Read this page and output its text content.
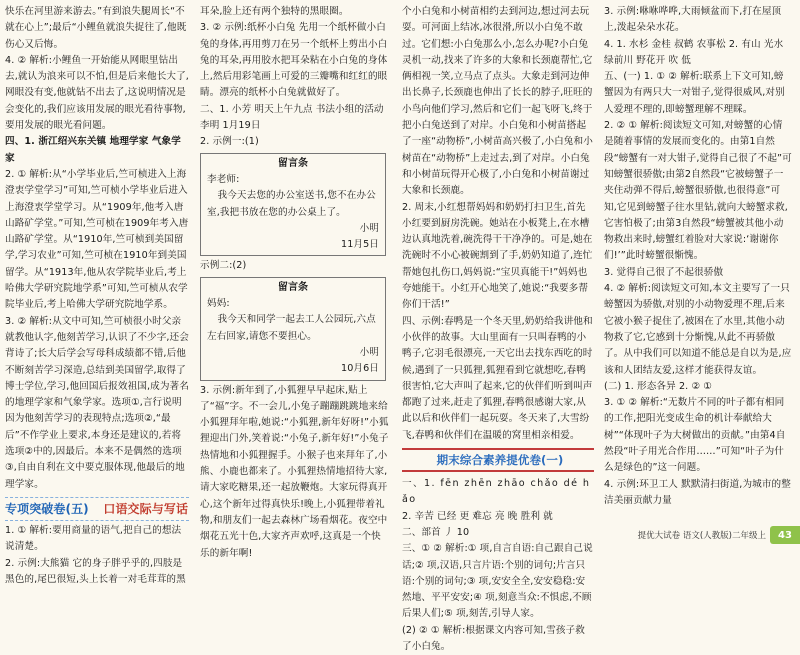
快乐在河里游来游去。”有到浪失腿周长“不就在心上”;最后“小鲤鱼就浪失捉往了,他既伤心又后悔。

4. ② 解析:小鲤鱼一开始能从网眼里钻出去,就认为浪来可以不怕,但是后来他长大了,网眼没有变,他就钻不出去了,这说明情况是会变化的,我们应该用发展的眼光看待事物,要用发展的眼光看问题。

四、1. 浙江绍兴东关镇 地理学家 气象学家

2. ① 解析:从“小学毕业后,竺可桢进入上海澄衷学堂学习”可知,竺可桢小学毕业后进入上海澄衷学堂学习。从“1909年,他考入唐山路矿学堂。”可知,竺可桢在1909年考入唐山路矿学堂。从“1910年,竺可桢到美国留学,学习农业”可知,竺可桢在1910年到美国留学。从“1913年,他从农学院毕业后,考上哈佛大学研究院地学系”可知,竺可桢从农学院毕业后,考上哈佛大学研究院地学系。

3. ② 解析:从文中可知,竺可桢很小时父亲就教他认字,他刻苦学习,认识了不少字,还会背诗了;长大后学会写母科成绩都不错,后他不断刻苦学习深造,总结到美国留学,取得了博士学位,学习,他回国后报效祖国,成为著名的地理学家和气象学家。选项①,言行说明因为他刻苦学习的表现特点;选项②,“最后”不作学业上要求,本身还是建议的,若将选项②中的,因最后。本来不是偶然的选项③,自由自利在文中要克服体现,他最后的地理学家。

专项突破卷(五) 口语交际与写话

1. ① 解析:要用商量的语气,把自己的想法说清楚。

2. 示例:大熊猫 它的身子胖乎乎的,四肢是黑色的,尾巴很短,头上长着一对毛茸茸的黑

耳朵,脸上还有两个独特的黑眼圈。

3. ② 示例:纸杯小白兔 先用一个纸杯做小白兔的身体,再用剪刀在另一个纸杯上剪出小白兔的耳朵,再用胶水把耳朵粘在小白兔的身体上,然后用彩笔画上可爱的三瓣嘴和红红的眼睛。漂亮的纸杯小白兔就做好了。

二、1. 小芳 明天上午九点 书法小组的活动 李明 1月19日

2. 示例一:(1)

留言条
李老师:
我今天去您的办公室送书,您不在办公室,我把书放在您的办公桌上了。
小明
11月5日

示例二:(2)

留言条
妈妈:
我今天和同学一起去工人公园玩,六点左右回家,请您不要担心。
小明
10月6日

3. 示例:新年到了,小狐狸早早起床,贴上了“福”字。不一会儿,小兔子蹦蹦跳跳地来给小狐狸拜年啦,她说:“小狐狸,新年好呀!”小狐狸迎出门外,笑着说:“小兔子,新年好!”小兔子热情地和小狐狸握手。小猴子也来拜年了,小熊、小鹿也都来了。小狐狸热情地招待大家,请大家吃糖果,还一起放鞭炮。大家玩得真开心,这个新年过得真快乐!晚上,小狐狸带着礼物,和朋友们一起去森林广场看烟花。夜空中烟花五光十色,大家齐声欢呼,这真是一个快乐的新年啊!

个小白兔和小树苗相约去到河边,想过河去玩耍。可河面上结冰,冰很滑,所以小白兔不敢过。它们想:小白兔那么小,怎么办呢?小白兔灵机一动,找来了许多的大象和长颈鹿帮忙,它俩相视一笑,立马点了点头。大象走到河边伸出长鼻子,长颈鹿也伸出了长长的脖子,旺旺的小鸟向他们学习,然后和它们一起飞呀飞,终于把小白兔送到了对岸。小白兔和小树苗搭起了一座“动物桥”,小树苗高兴极了,小白兔和小树苗在“动物桥”上走过去,到了对岸。小白兔和小树苗玩得开心极了,小白兔和小树苗谢过大象和长颈鹿。

2. 周末,小红想帮妈妈和奶奶打扫卫生,首先小红要到厨房洗碗。她站在小板凳上,在水槽边认真地洗着,碗洗得干干净净的。可是,她在洗碗时不小心被碗割到了手,奶奶知道了,连忙帮她包扎伤口,妈妈说:“宝贝真能干!”妈妈也夸她能干。小红开心地笑了,她说:“我要多帮你们干活!”

四、示例:春鸭是一个冬天里,奶奶给我讲他和小伙伴的故事。大山里面有一只叫春鸭的小鸭子,它羽毛很漂亮,一天它出去找东西吃的时候,遇到了一只狐狸,狐狸看到它就想吃,春鸭很害怕,它大声叫了起来,它的伙伴们听到叫声都跑了过来,赶走了狐狸,春鸭很感谢大家,从此以后和伙伴们一起玩耍。冬天来了,大雪纷飞,春鸭和伙伴们在温暖的窝里相亲相爱。

期末综合素养提优卷(一)

一、1. fēn zhēn zhāo chǎo dé hǎo

2. 辛苦 已经 更 难忘 亮 晚 胜利 就

二、部首 丿 10

三、① ② 解析:① 项,自言自语:自己跟自己说话;② 项,汉语,只言片语:个别的词句;片言只语:个别的词句;③ 项,安安全全,安安稳稳:安然地、平平安安;④ 项,刻意当众:不惧虑,不顾后果人们;⑤ 项,刻苦,引导人家。

(2) ② ① 解析:根据课文内容可知,雪孩子救了小白兔。

3. 示例:咻咻哗哗,大雨倾盆而下,打在屋顶上,泼起朵朵水花。

4. 1. 水杉 金桂 叔鹤 农事松 2. 有山 光水 绿前川 野花开 吹 低

五、(一) 1. ① ② 解析:联系上下文可知,螃蟹因为有两只大一对钳子,觉得很威风,对别人爱理不理的,即螃蟹理解不理睬。

2. ② ① 解析:阅读短文可知,对螃蟹的心情是随着事情的发展而变化的。由第1自然段“螃蟹有一对大钳子,觉得自己很了不起”可知螃蟹很骄傲;由第2自然段“它被螃蟹子一夹住动弹不得后,螃蟹很骄傲,也很得意”可知,它见到螃蟹子往水里钻,就向大螃蟹求救,它害怕极了;由第3自然段“螃蟹被其他小动物救出来时,螃蟹红着脸对大家说:‘谢谢你们!’”此时螃蟹很惭愧。

3. 觉得自己很了不起很骄傲

4. ② 解析:阅读短文可知,本文主要写了一只螃蟹因为骄傲,对别的小动物爱理不理,后来它被小猴子捉住了,被困在了水里,其他小动物救了它,它感到十分惭愧,从此不再骄傲了。从中我们可以知道不能总是自以为是,应该和人团结友爱,这样才能获得友谊。

(二) 1. 形态各异 2. ② ①

3. ① ② 解析:“无数片不同的叶子都有相同的工作,把阳光变成生命的机计奉献给大树”“体现叶子为大树做出的贡献。”由第4自然段“叶子用光合作用……”可知“叶子为什么是绿色的”这一问题。

4. 示例:环卫工人 默默清扫街道,为城市的整洁美丽贡献力量

提优大试卷 语文(人教版)二年级上	43
